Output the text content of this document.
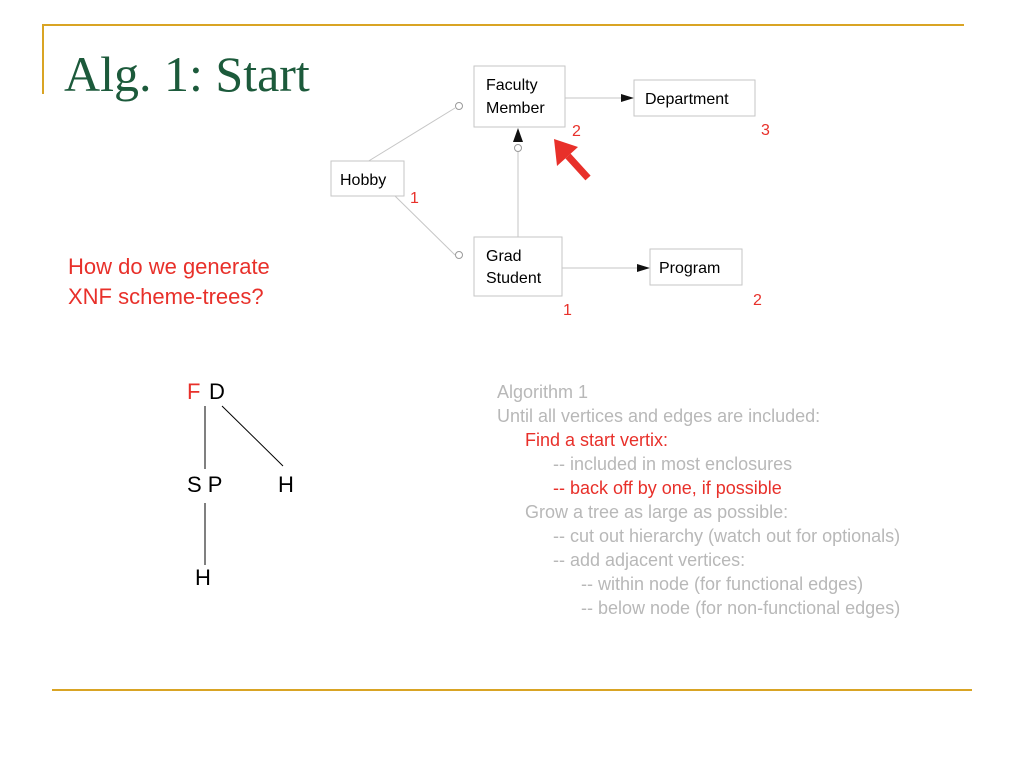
Alg. 1: Start
How do we generate
XNF scheme-trees?
Faculty
Member
Department
Hobby
Grad
Student
Program
2	3
1
1
2
F D
S P	H
H
Algorithm 1
Until all vertices and edges are included:
Find a start vertix:
-- included in most enclosures
-- back off by one, if possible
Grow a tree as large as possible:
-- cut out hierarchy (watch out for optionals)
-- add adjacent vertices:
-- within node (for functional edges)
-- below node (for non-functional edges)
